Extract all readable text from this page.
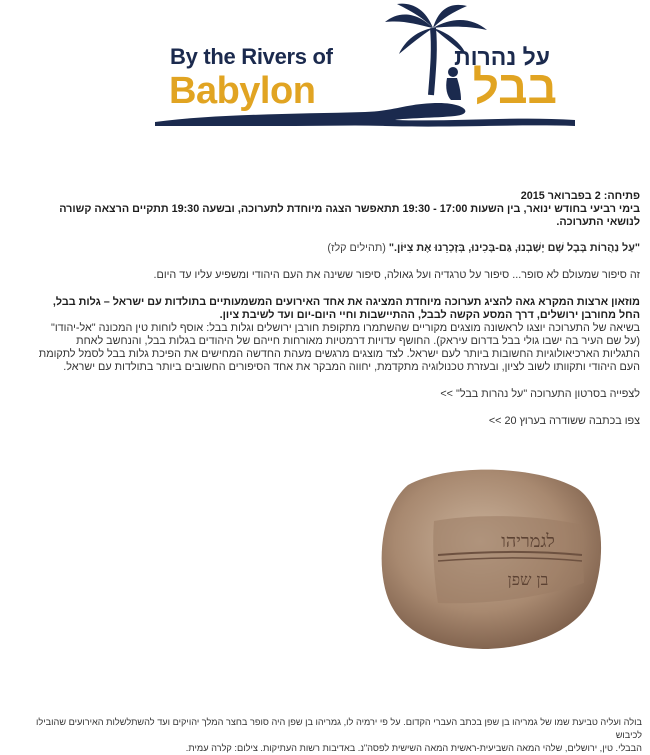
By the Rivers of
Babylon
על נהרות
בבל

פתיחה: 2 בפברואר 2015

בימי רביעי בחודש ינואר, בין השעות 17:00 - 19:30 תתאפשר הצגה מיוחדת לתערוכה, ובשעה 19:30 תתקיים הרצאה קשורה לנושאי התערוכה.

"עַל נַהֲרוֹת בָּבֶל שָׁם יָשַׁבְנוּ, גַּם-בָּכִינוּ, בְּזָכְרֵנוּ אֶת צִיּוֹן." (תהילים קלז)

זה סיפור שמעולם לא סופר... סיפור על טרגדיה ועל גאולה, סיפור ששינה את העם היהודי ומשפיע עליו עד היום.

מוזאון ארצות המקרא גאה להציג תערוכה מיוחדת המציגה את אחד האירועים המשמעותיים בתולדות עם ישראל – גלות בבל, החל מחורבן ירושלים, דרך המסע הקשה לבבל, ההתיישבות וחיי היום-יום ועד לשיבת ציון.

בשיאה של התערוכה יוצגו לראשונה מוצגים מקוריים שהשתמרו מתקופת חורבן ירושלים וגלות בבל: אוסף לוחות טין המכונה "אל-יהודו" (על שם העיר בה ישבו גולי בבל בדרום עיראק). החושף עדויות דרמטיות מאורחות חייהם של היהודים בגלות בבל, והנחשב לאחת התגליות הארכיאולוגיות החשובות ביותר לעם ישראל. לצד מוצגים מרגשים מעהת החדשה המחישים את הפיכת גלות בבל לסמל לתקומת העם היהודי ותקוותו לשוב לציון, ובעזרת טכנולוגיה מתקדמת, יחווה המבקר את אחד הסיפורים החשובים ביותר בתולדות עם ישראל.

לצפייה בסרטון התערוכה "על נהרות בבל" >>

צפו בכתבה ששודרה בערוץ 20 >>

לגמריהו
בן שפן

בולה ועליה טביעת שמו של גמריהו בן שפן בכתב העברי הקדום. על פי ירמיה לו, גמריהו בן שפן היה סופר בחצר המלך יהויקים ועד להשתלשלות האירועים שהובילו לכיבוש

הבבלי. טין, ירושלים, שלהי המאה השביעית-ראשית המאה השישית לפסה"נ. באדיבות רשות העתיקות. צילום: קלרה עמית.
